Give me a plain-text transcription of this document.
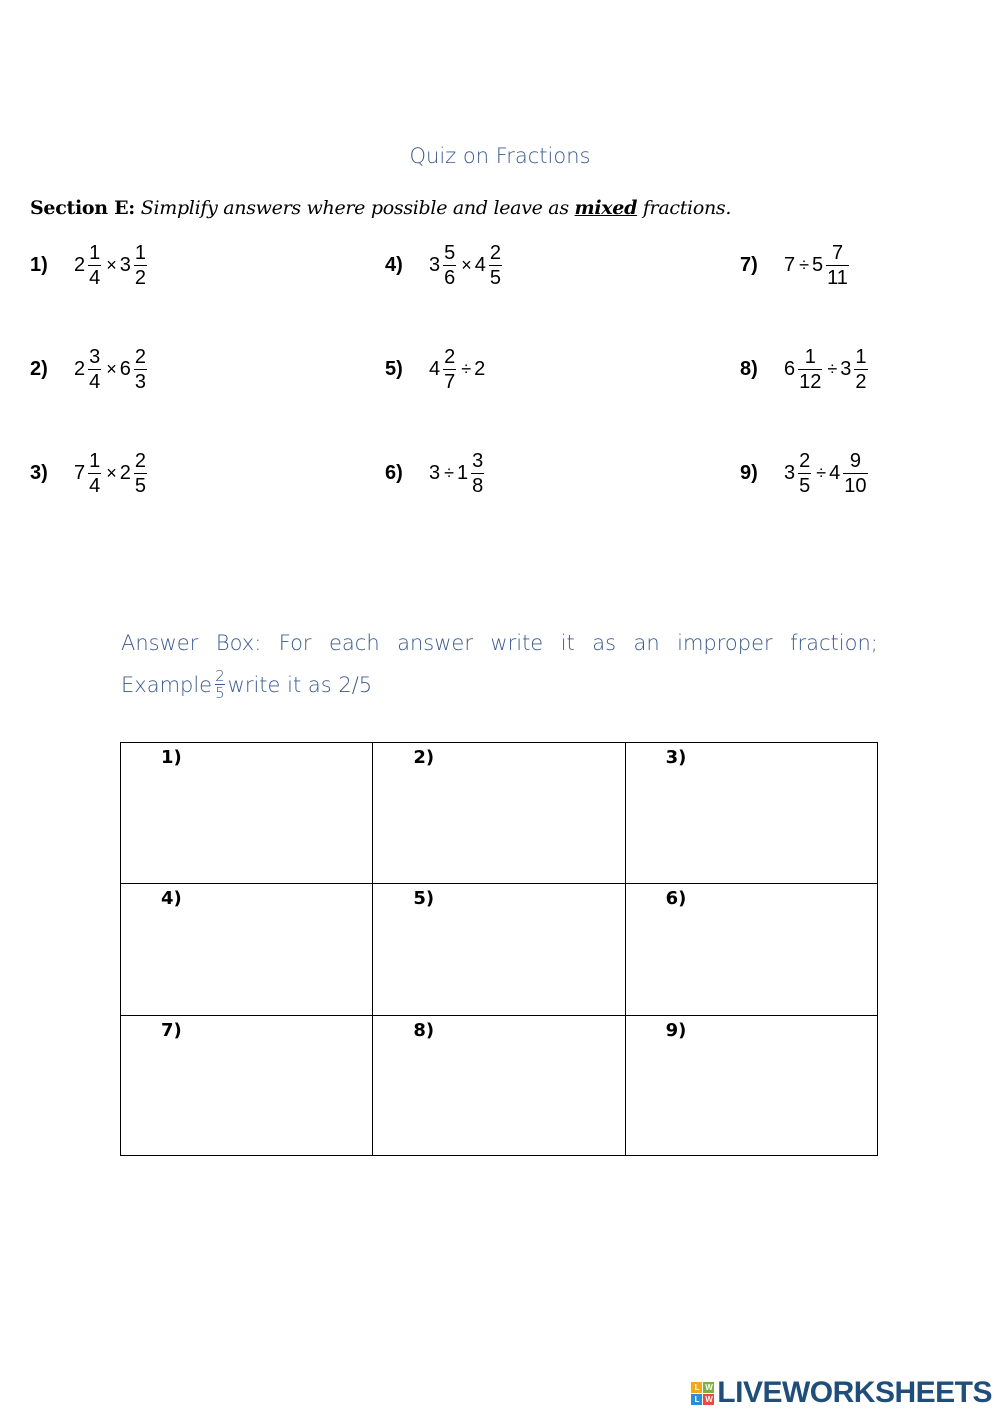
Quiz on Fractions
Section E: Simplify answers where possible and leave as mixed fractions.
1)	$2 \frac{1}{4} \times 3 \frac{1}{2}$
2)	$2 \frac{3}{4} \times 6 \frac{2}{3}$
3)	$7 \frac{1}{4} \times 2 \frac{2}{5}$
4)	$3 \frac{5}{6} \times 4 \frac{2}{5}$
5)	$4 \frac{2}{7} \div 2$
6)	$3 \div 1 \frac{3}{8}$
7)	$7 \div 5 \frac{7}{11}$
8)	$6 \frac{1}{12} \div 3 \frac{1}{2}$
9)	$3 \frac{2}{5} \div 4 \frac{9}{10}$
Answer Box: For each answer write it as an improper fraction;
Example $\frac{2}{5}$ write it as 2/5
1)	2)	3)

4)	5)	6)

7)	8)	9)
L W
L W LIVEWORKSHEETS
